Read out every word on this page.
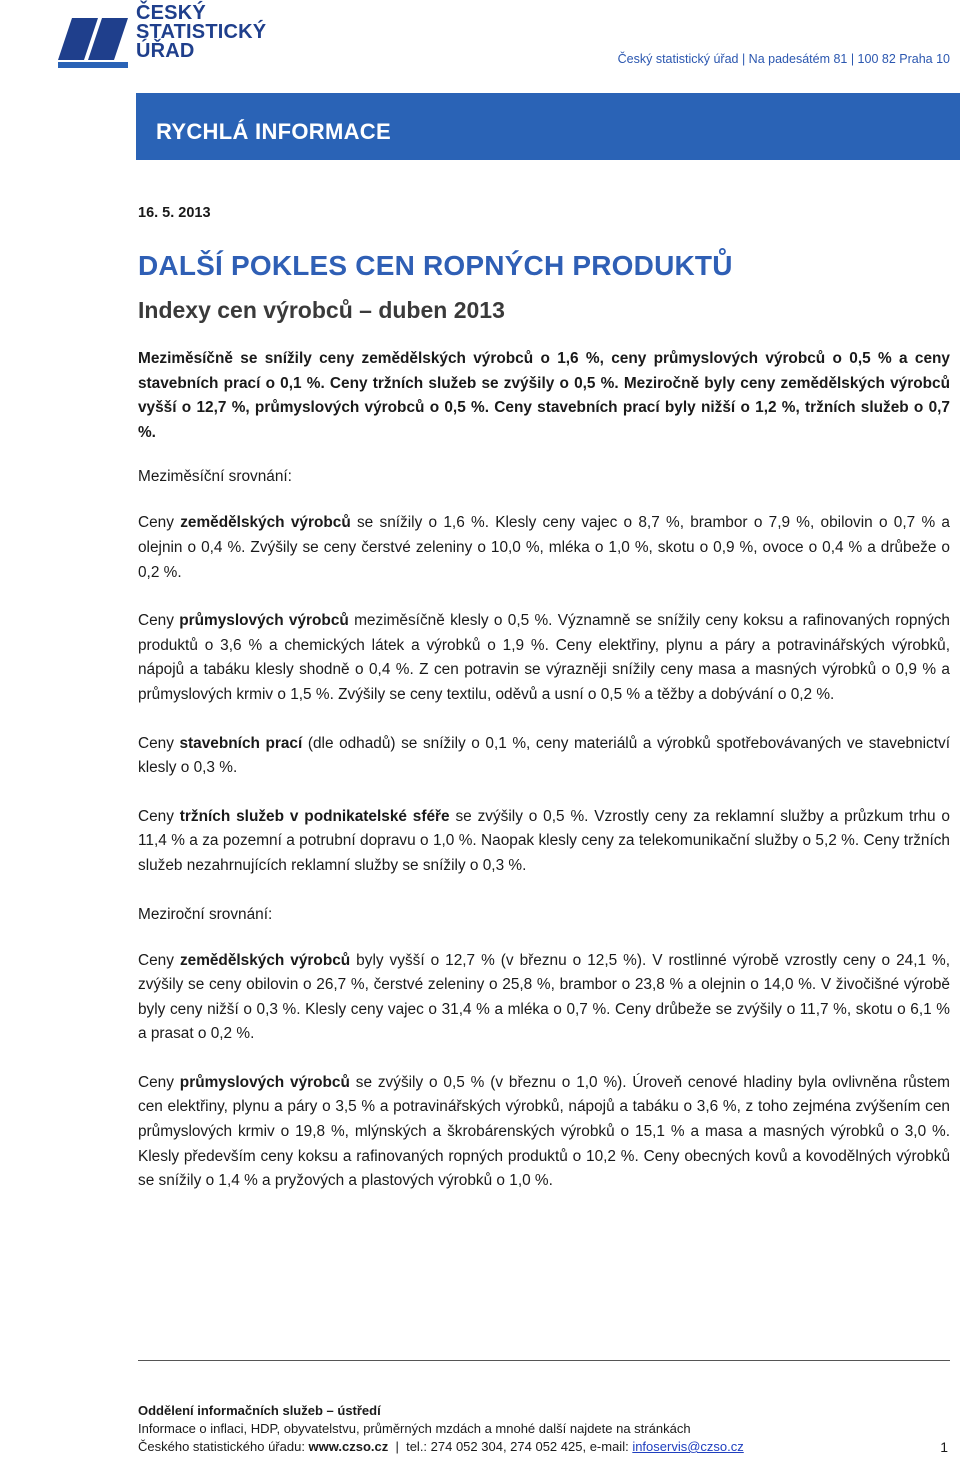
ČESKÝ
STATISTICKÝ
ÚŘAD	Český statistický úřad | Na padesátém 81 | 100 82 Praha 10
RYCHLÁ INFORMACE
16. 5. 2013
DALŠÍ POKLES CEN ROPNÝCH PRODUKTŮ
Indexy cen výrobců – duben 2013

Meziměsíčně se snížily ceny zemědělských výrobců o 1,6 %, ceny průmyslových výrobců o 0,5 % a ceny stavebních prací o 0,1 %. Ceny tržních služeb se zvýšily o 0,5 %. Meziročně byly ceny zemědělských výrobců vyšší o 12,7 %, průmyslových výrobců o 0,5 %. Ceny stavebních prací byly nižší o 1,2 %, tržních služeb o 0,7 %.

Meziměsíční srovnání:

Ceny zemědělských výrobců se snížily o 1,6 %. Klesly ceny vajec o 8,7 %, brambor o 7,9 %, obilovin o 0,7 % a olejnin o 0,4 %. Zvýšily se ceny čerstvé zeleniny o 10,0 %, mléka o 1,0 %, skotu o 0,9 %, ovoce o 0,4 % a drůbeže o 0,2 %.

Ceny průmyslových výrobců meziměsíčně klesly o 0,5 %. Významně se snížily ceny koksu a rafinovaných ropných produktů o 3,6 % a chemických látek a výrobků o 1,9 %. Ceny elektřiny, plynu a páry a potravinářských výrobků, nápojů a tabáku klesly shodně o 0,4 %. Z cen potravin se výrazněji snížily ceny masa a masných výrobků o 0,9 % a průmyslových krmiv o 1,5 %. Zvýšily se ceny textilu, oděvů a usní o 0,5 % a těžby a dobývání o 0,2 %.

Ceny stavebních prací (dle odhadů) se snížily o 0,1 %, ceny materiálů a výrobků spotřebovávaných ve stavebnictví klesly o 0,3 %.

Ceny tržních služeb v podnikatelské sféře se zvýšily o 0,5 %. Vzrostly ceny za reklamní služby a průzkum trhu o 11,4 % a za pozemní a potrubní dopravu o 1,0 %. Naopak klesly ceny za telekomunikační služby o 5,2 %. Ceny tržních služeb nezahrnujících reklamní služby se snížily o 0,3 %.

Meziroční srovnání:

Ceny zemědělských výrobců byly vyšší o 12,7 % (v březnu o 12,5 %). V rostlinné výrobě vzrostly ceny o 24,1 %, zvýšily se ceny obilovin o 26,7 %, čerstvé zeleniny o 25,8 %, brambor o 23,8 % a olejnin o 14,0 %. V živočišné výrobě byly ceny nižší o 0,3 %. Klesly ceny vajec o 31,4 % a mléka o 0,7 %. Ceny drůbeže se zvýšily o 11,7 %, skotu o 6,1 % a prasat o 0,2 %.

Ceny průmyslových výrobců se zvýšily o 0,5 % (v březnu o 1,0 %). Úroveň cenové hladiny byla ovlivněna růstem cen elektřiny, plynu a páry o 3,5 % a potravinářských výrobků, nápojů a tabáku o 3,6 %, z toho zejména zvýšením cen průmyslových krmiv o 19,8 %, mlýnských a škrobárenských výrobků o 15,1 % a masa a masných výrobků o 3,0 %. Klesly především ceny koksu a rafinovaných ropných produktů o 10,2 %. Ceny obecných kovů a kovodělných výrobků se snížily o 1,4 % a pryžových a plastových výrobků o 1,0 %.

Oddělení informačních služeb – ústředí
Informace o inflaci, HDP, obyvatelstvu, průměrných mzdách a mnohé další najdete na stránkách
Českého statistického úřadu: www.czso.cz  |  tel.: 274 052 304, 274 052 425, e-mail: infoservis@czso.cz	1
